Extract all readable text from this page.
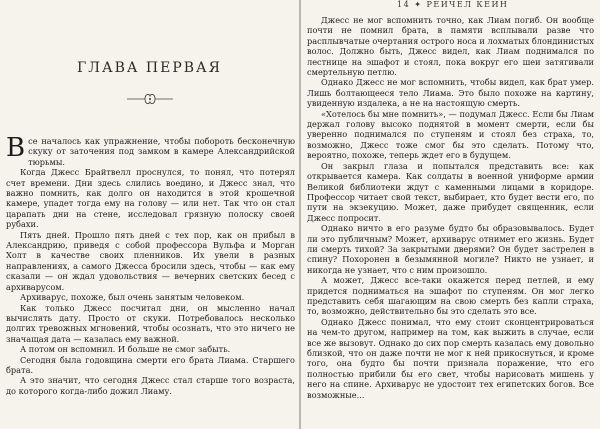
ГЛАВА ПЕРВАЯ

Все началось как упражнение, чтобы побороть бесконечную скуку от заточения под замком в камере Александрийской тюрьмы.

Когда Джесс Брайтвелл проснулся, то понял, что потерял счет времени. Дни здесь слились воедино, и Джесс знал, что важно помнить, как долго он находится в этой крошечной камере, упадет тогда ему на голову — или нет. Так что он стал царапать дни на стене, исследовал грязную полоску своей рубахи.

Пять дней. Прошло пять дней с тех пор, как он прибыл в Александрию, приведя с собой профессора Вульфа и Морган Холт в качестве своих пленников. Их увели в разных направлениях, а самого Джесса бросили здесь, чтобы — как ему сказали — он ждал удовольствия — вечерних светских бесед с архиварусом.

Архиварус, похоже, был очень занятым человеком.

Как только Джесс посчитал дни, он мысленно начал вычислять дату. Просто от скуки. Потребовалось несколько долгих тревожных мгновений, чтобы осознать, что это ничего не значащая дата — казалась ему важной.

А потом он вспомнил. И больше не смог забыть.

Сегодня была годовщина смерти его брата Лиама. Старшего брата.

А это значит, что сегодня Джесс стал старше того возраста, до которого когда-либо дожил Лиаму.

14 ✦ РЕЙЧЕЛ КЕЙН

Джесс не мог вспомнить точно, как Лиам погиб. Он вообще почти не помнил брата, в памяти всплывали разве что расплывчатые очертания острого носа и лохматых блондинистых волос. Должно быть, Джесс видел, как Лиам поднимался по лестнице на эшафот и стоял, пока вокруг его шеи затягивали смертельную петлю.

Однако Джесс не мог вспомнить, чтобы видел, как брат умер. Лишь болтающееся тело Лиама. Это было похоже на картину, увиденную издалека, а не на настоящую смерть.

«Хотелось бы мне помнить», — подумал Джесс. Если бы Лиам держал голову высоко поднятой в момент смерти, если бы уверенно поднимался по ступеням и стоял без страха, то, возможно, Джесс тоже смог бы это сделать. Потому что, вероятно, похоже, теперь ждет его в будущем.

Он закрыл глаза и попытался представить все: как открывается камера. Как солдаты в военной униформе армии Великой библиотеки ждут с каменными лицами в коридоре. Профессор читает свой текст, выбирает, кто будет вести его, по пути на экзекуцию. Может, даже прибудет священник, если Джесс попросит.

Однако ничто в его разуме будто бы образовывалось. Будет ли это публичным? Может, архиварус отнимет его жизнь. Будет ли смерть тихой? За закрытыми дверями? Он будет застрелен в спину? Похоронен в безымянной могиле? Никто не узнает, и никогда не узнает, что с ним произошло.

А может, Джесс все-таки окажется перед петлей, и ему придется подниматься на эшафот по ступеням. Он мог легко представить себя шагающим на свою смерть без капли страха, то, возможно, действительно бы это сделать это все.

Однако Джесс понимал, что ему стоит сконцентрироваться на чем-то другом, например на том, как выжить в случае, если все же вызовут. Однако до сих пор смерть казалась ему довольно близкой, что он даже почти не мог к ней прикоснуться, и кроме того, она будто бы почти признала поражение, что его полностью прибили бы его свет, чтобы нарисовать мишень у него на спине. Архиварус не удостоит тех египетских богов. Все возможные...
